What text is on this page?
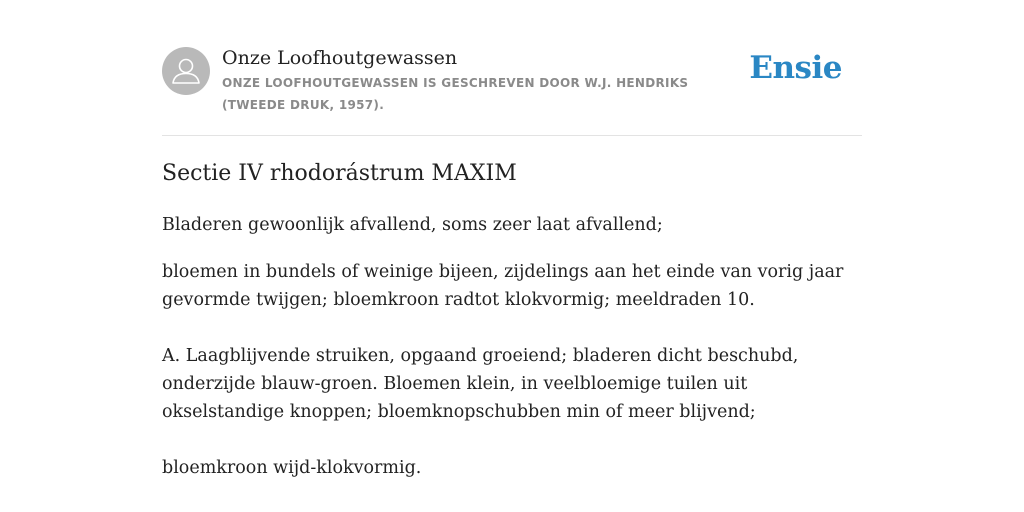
Onze Loofhoutgewassen
ONZE LOOFHOUTGEWASSEN IS GESCHREVEN DOOR W.J. HENDRIKS (TWEEDE DRUK, 1957).
Ensie
Sectie IV rhodorástrum MAXIM

Bladeren gewoonlijk afvallend, soms zeer laat afvallend;

bloemen in bundels of weinige bijeen, zijdelings aan het einde van vorig jaar gevormde twijgen; bloemkroon radtot klokvormig; meeldraden 10.

A. Laagblijvende struiken, opgaand groeiend; bladeren dicht beschubd, onderzijde blauw-groen. Bloemen klein, in veelbloemige tuilen uit okselstandige knoppen; bloemknopschubben min of meer blijvend;

bloemkroon wijd-klokvormig.
